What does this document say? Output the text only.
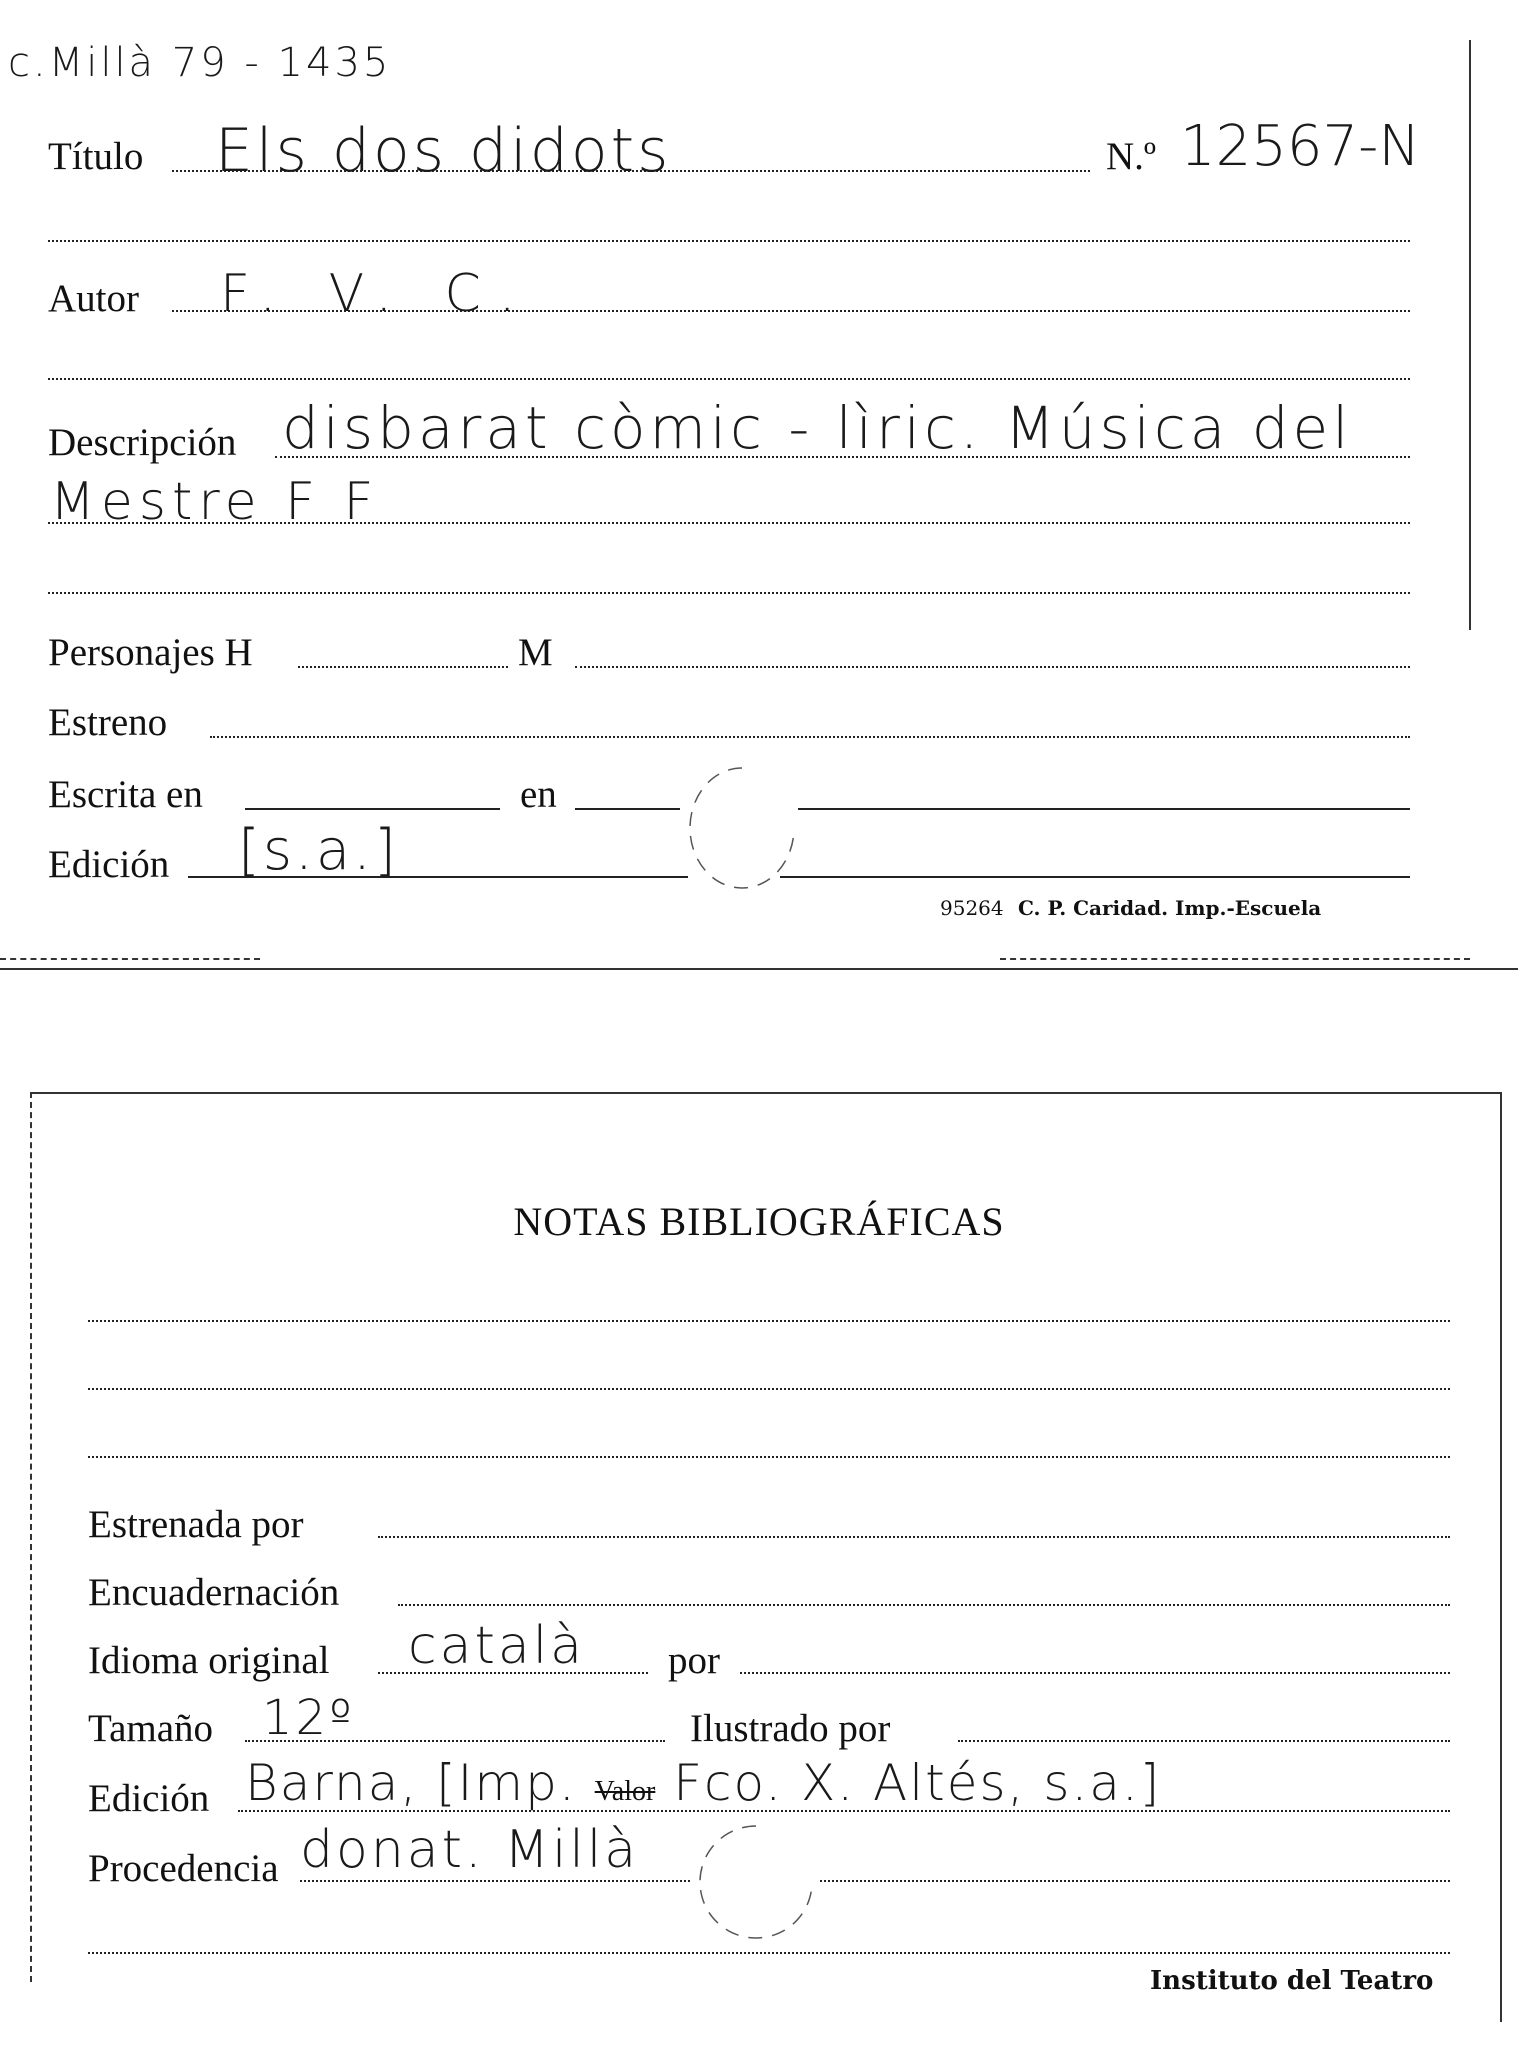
c.Millà 79 - 1435
Título Els dos didots	N.º 12567-N
Autor F. V. C.
Descripción disbarat còmic - lìric. Música del
Mestre F F
Personajes H	M
Estreno
Escrita en	en
Edición [s.a.]
95264 C. P. Caridad. Imp.-Escuela
NOTAS BIBLIOGRÁFICAS
Estrenada por
Encuadernación
Idioma original català por
Tamaño 12º	Ilustrado por
Edición Barna, [Imp. Valor Fco. X. Altés, s.a.]
Procedencia donat. Millà
Instituto del Teatro
